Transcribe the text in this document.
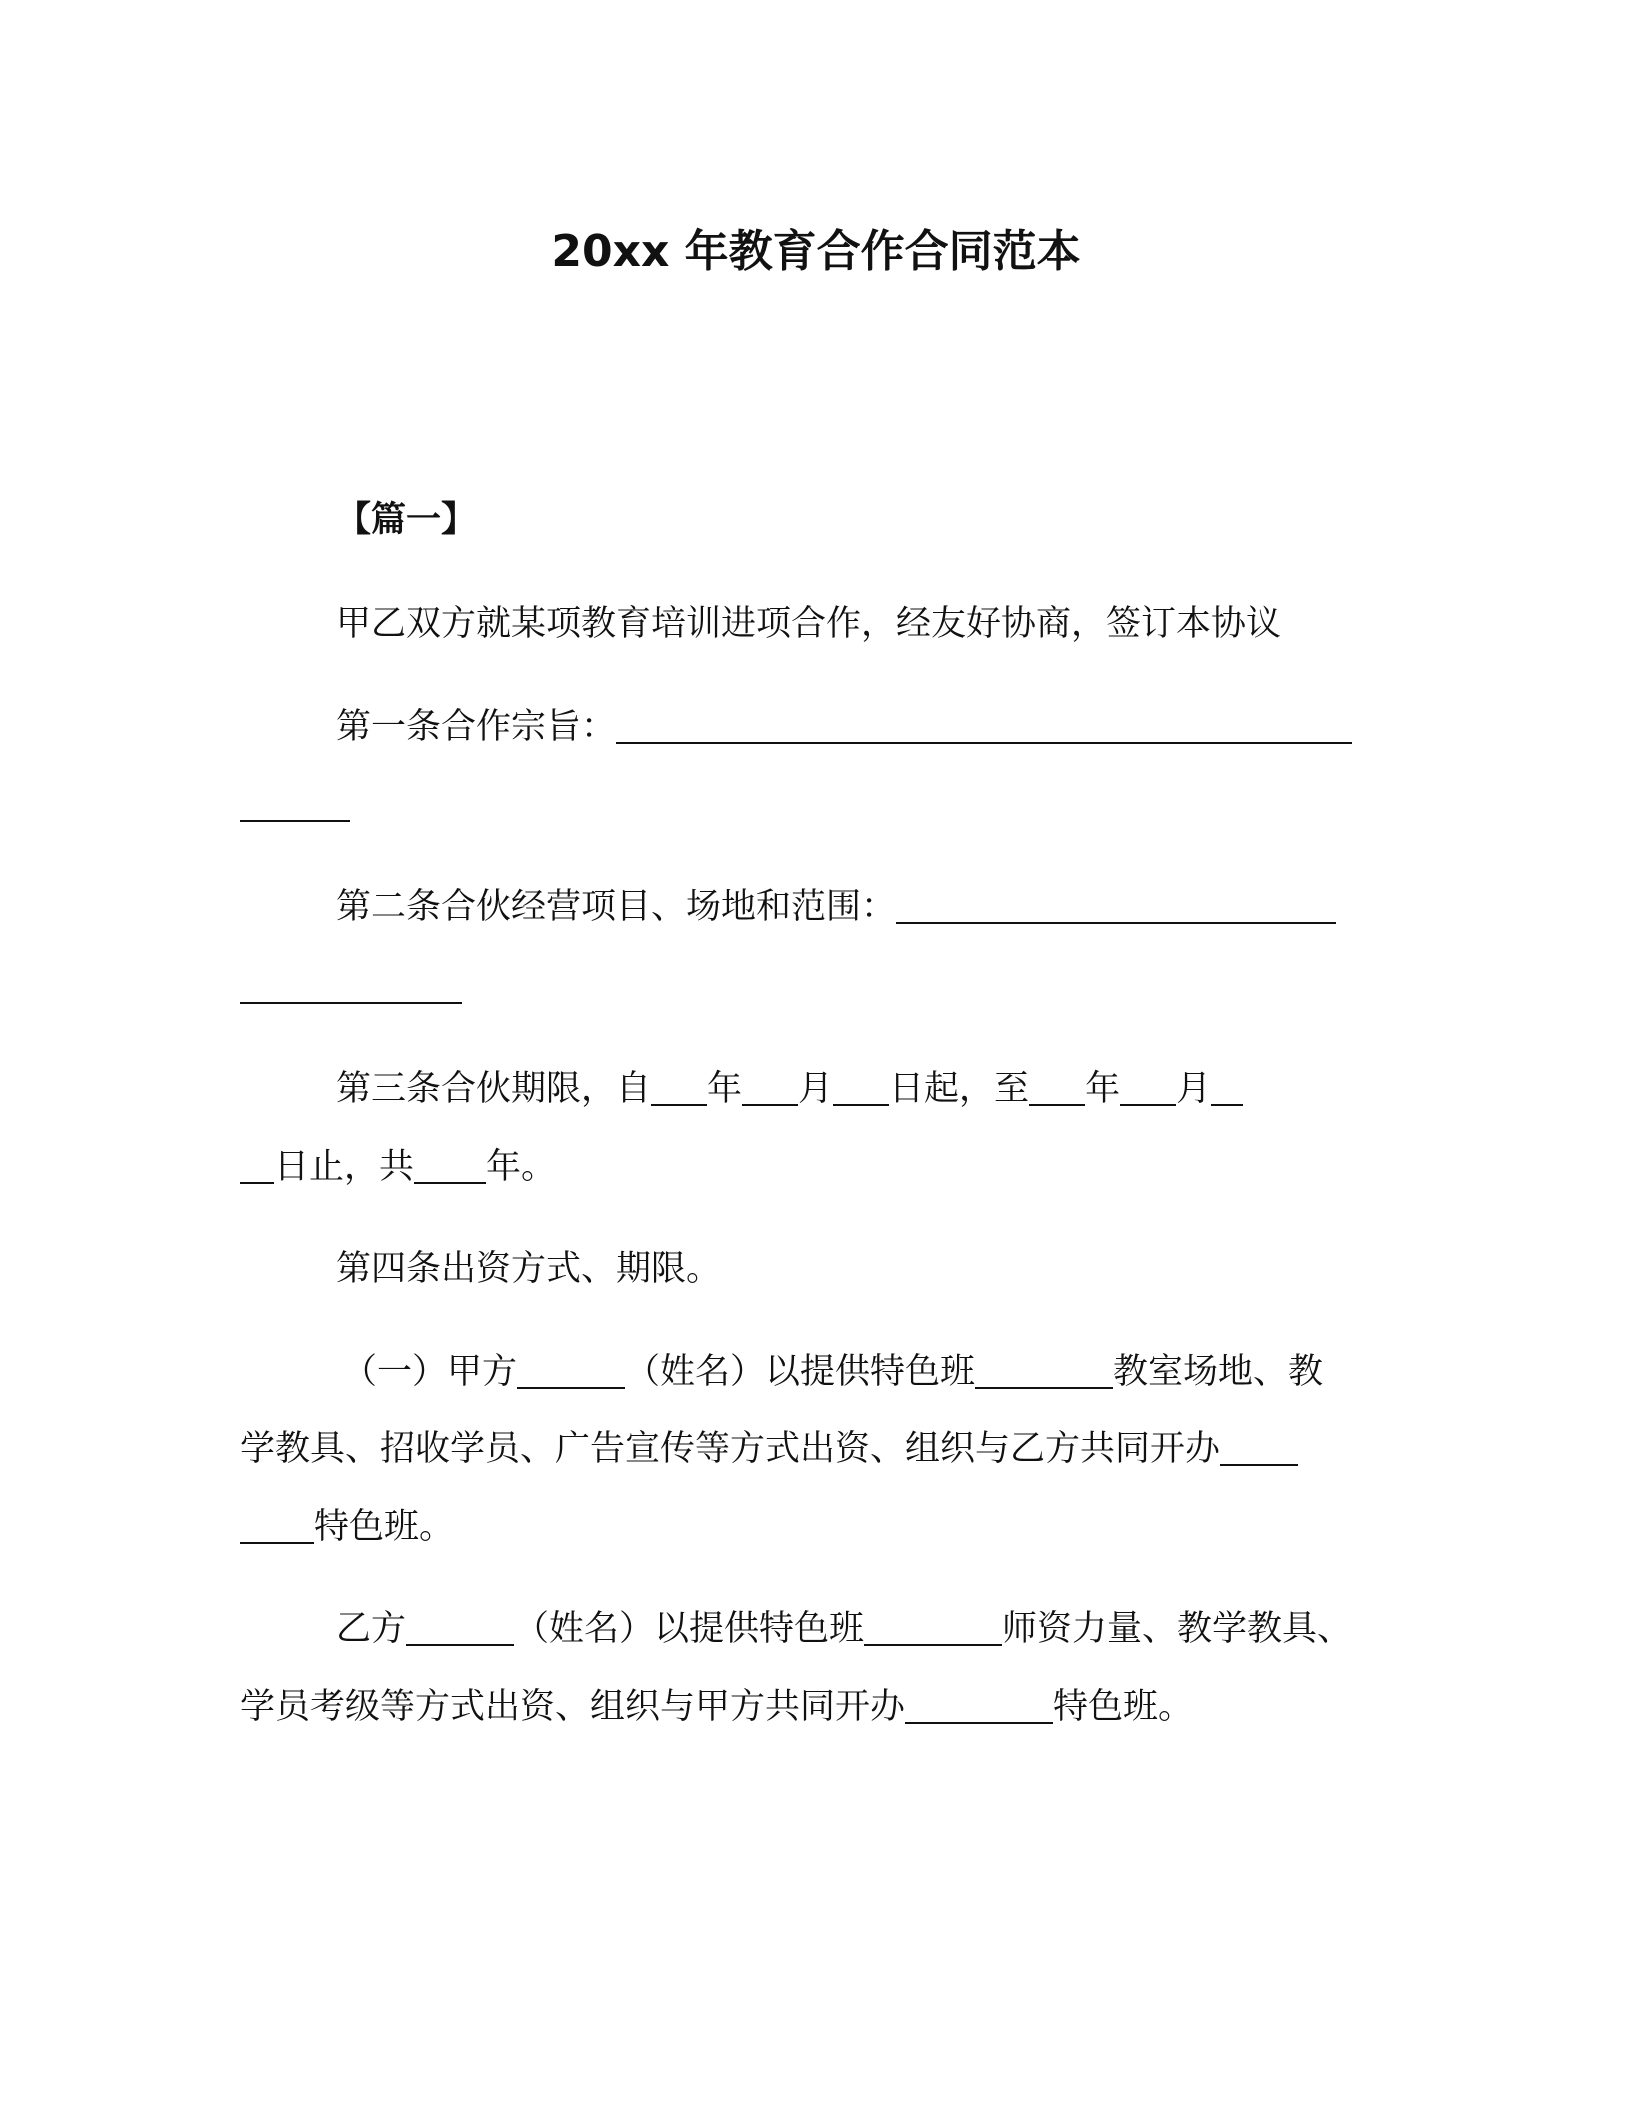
20xx 年教育合作合同范本
【篇一】
甲乙双方就某项教育培训进项合作，经友好协商，签订本协议
第一条合作宗旨：
第二条合伙经营项目、场地和范围：
第三条合伙期限，自 年 月 日起，至 年 月
日止，共 年。
第四条出资方式、期限。
（一）甲方	（姓名）以提供特色班	教室场地、教
学教具、招收学员、广告宣传等方式出资、组织与乙方共同开办
特色班。
乙方	（姓名）以提供特色班	师资力量、教学教具、
学员考级等方式出资、组织与甲方共同开办	特色班。
